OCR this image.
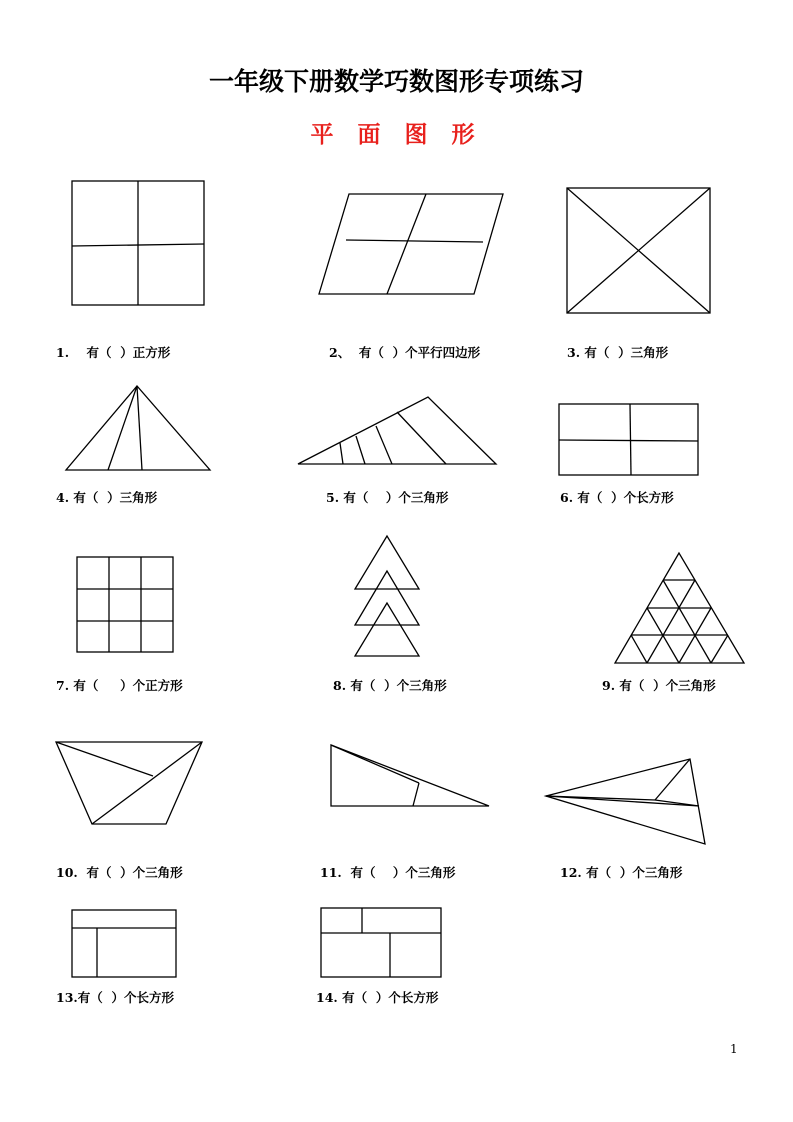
一年级下册数学巧数图形专项练习
平 面 图 形
1. 有（  ）正方形	2、 有（  ）个平行四边形	3. 有（  ）三角形
4. 有（  ）三角形	5. 有（    ）个三角形	6. 有（  ）个长方形
7. 有（     ）个正方形	8. 有（  ）个三角形	9. 有（  ）个三角形
10. 有（  ）个三角形	11. 有（    ）个三角形	12. 有（  ）个三角形
13.有（  ）个长方形	14. 有（  ）个长方形
1
